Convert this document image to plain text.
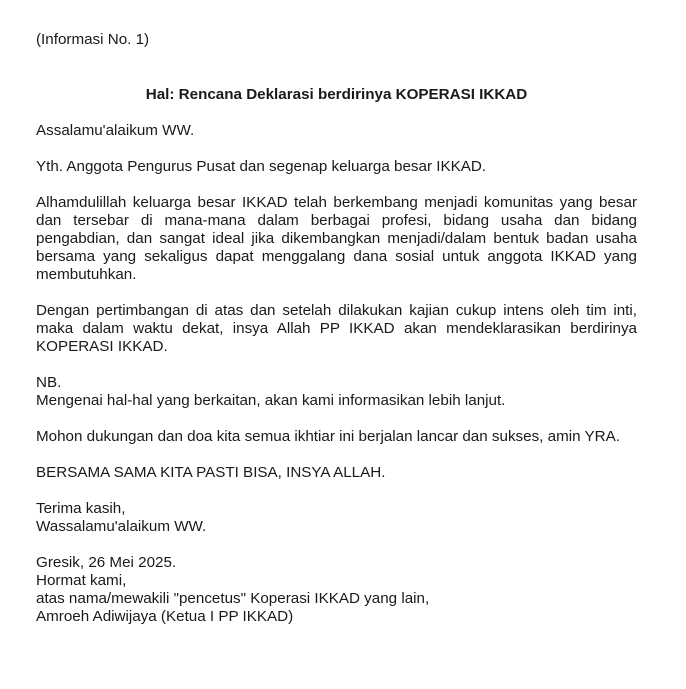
(Informasi No. 1)
Hal: Rencana Deklarasi berdirinya KOPERASI IKKAD
Assalamu'alaikum WW.
Yth. Anggota Pengurus Pusat dan segenap keluarga besar IKKAD.

Alhamdulillah keluarga besar IKKAD telah berkembang menjadi komunitas yang besar dan tersebar di mana-mana dalam berbagai profesi, bidang usaha dan bidang pengabdian, dan sangat ideal jika dikembangkan menjadi/dalam bentuk badan usaha bersama yang sekaligus dapat menggalang dana sosial untuk anggota IKKAD yang membutuhkan.

Dengan pertimbangan di atas dan setelah dilakukan kajian cukup intens oleh tim inti, maka dalam waktu dekat, insya Allah PP IKKAD akan mendeklarasikan berdirinya KOPERASI IKKAD.

NB.
Mengenai hal-hal yang berkaitan, akan kami informasikan lebih lanjut.

Mohon dukungan dan doa kita semua ikhtiar ini berjalan lancar dan sukses, amin YRA.

BERSAMA SAMA KITA PASTI BISA, INSYA ALLAH.
Terima kasih,
Wassalamu'alaikum WW.
Gresik, 26 Mei 2025.
Hormat kami,
atas nama/mewakili "pencetus" Koperasi IKKAD yang lain,
Amroeh Adiwijaya (Ketua I PP IKKAD)
